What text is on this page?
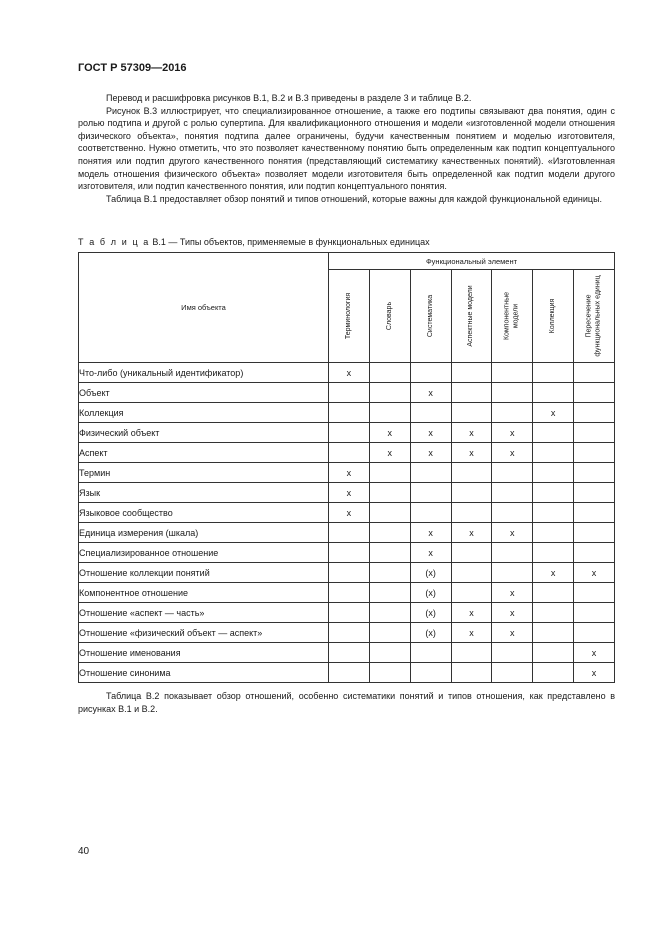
ГОСТ Р 57309—2016

Перевод и расшифровка рисунков В.1, В.2 и В.3 приведены в разделе 3 и таблице В.2.

Рисунок В.3 иллюстрирует, что специализированное отношение, а также его подтипы связывают два понятия, один с ролью подтипа и другой с ролью супертипа. Для квалификационного отношения и модели «изготовленной модели отношения физического объекта», понятия подтипа далее ограничены, будучи качественным понятием и моделью изготовителя, соответственно. Нужно отметить, что это позволяет качественному понятию быть определенным как подтип концептуального понятия или подтип другого качественного понятия (представляющий систематику качественных понятий). «Изготовленная модель отношения физического объекта» позволяет модели изготовителя быть определенной как подтип модели другого изготовителя, или подтип качественного понятия, или подтип концептуального понятия.

Таблица В.1 предоставляет обзор понятий и типов отношений, которые важны для каждой функциональной единицы.

Т а б л и ц а В.1 — Типы объектов, применяемые в функциональных единицах
Имя объекта	Функциональный элемент						

	Терминология	Словарь	Систематика	Аспектные модели	Компонентные модели	Коллекция	Пересечение функциональных единиц

Что-либо (уникальный идентификатор)	x						
Объект			x				
Коллекция						x	
Физический объект		x	x	x	x		
Аспект		x	x	x	x		
Термин	x						
Язык	x						
Языковое сообщество	x						
Единица измерения (шкала)			x	x	x		
Специализированное отношение			x				
Отношение коллекции понятий			(x)			x	x
Компонентное отношение			(x)		x		
Отношение «аспект — часть»			(x)	x	x		
Отношение «физический объект — аспект»			(x)	x	x		
Отношение именования							x
Отношение синонима							x

Таблица В.2 показывает обзор отношений, особенно систематики понятий и типов отношения, как представлено в рисунках В.1 и В.2.

40
